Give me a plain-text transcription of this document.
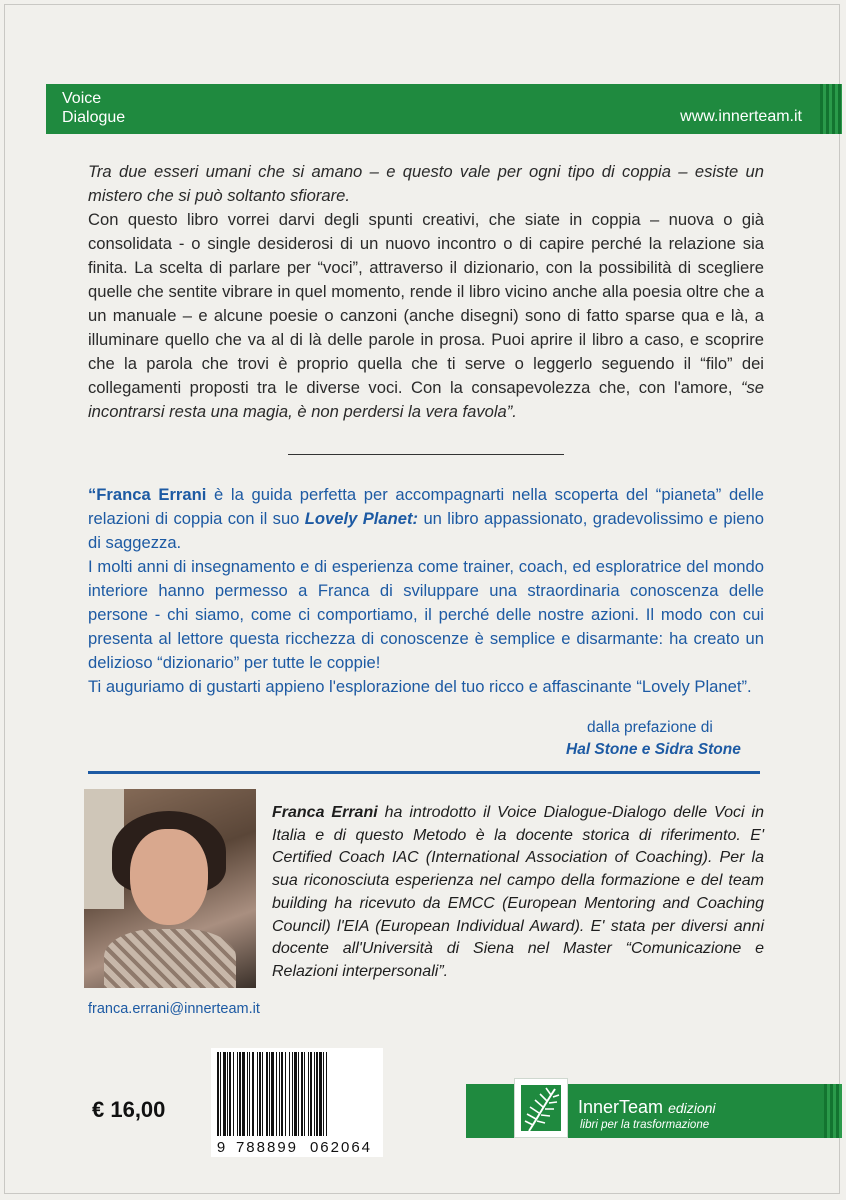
Voice
Dialogue	www.innerteam.it

Tra due esseri umani che si amano – e questo vale per ogni tipo di coppia – esiste un mistero che si può soltanto sfiorare.

Con questo libro vorrei darvi degli spunti creativi, che siate in coppia – nuova o già consolidata - o single desiderosi di un nuovo incontro o di capire perché la relazione sia finita. La scelta di parlare per “voci”, attraverso il dizionario, con la possibilità di scegliere quelle che sentite vibrare in quel momento, rende il libro vicino anche alla poesia oltre che a un manuale – e alcune poesie o canzoni (anche disegni) sono di fatto sparse qua e là, a illuminare quello che va al di là delle parole in prosa. Puoi aprire il libro a caso, e scoprire che la parola che trovi è proprio quella che ti serve o leggerlo seguendo il “filo” dei collegamenti proposti tra le diverse voci. Con la consapevolezza che, con l'amore, “se incontrarsi resta una magia, è non perdersi la vera favola”.

“Franca Errani è la guida perfetta per accompagnarti nella scoperta del “pianeta” delle relazioni di coppia con il suo Lovely Planet: un libro appassionato, gradevolissimo e pieno di saggezza.

I molti anni di insegnamento e di esperienza come trainer, coach, ed esploratrice del mondo interiore hanno permesso a Franca di sviluppare una straordinaria conoscenza delle persone - chi siamo, come ci comportiamo, il perché delle nostre azioni. Il modo con cui presenta al lettore questa ricchezza di conoscenze è semplice e disarmante: ha creato un delizioso “dizionario” per tutte le coppie!

Ti auguriamo di gustarti appieno l'esplorazione del tuo ricco e affascinante “Lovely Planet”.

dalla prefazione di
Hal Stone e Sidra Stone
Franca Errani ha introdotto il Voice Dialogue-Dialogo delle Voci in Italia e di questo Metodo è la docente storica di riferimento. E' Certified Coach IAC (International Association of Coaching). Per la sua riconosciuta esperienza nel campo della formazione e del team building ha ricevuto da EMCC (European Mentoring and Coaching Council) l'EIA (European Individual Award). E' stata per diversi anni docente all'Università di Siena nel Master “Comunicazione e Relazioni interpersonali”.
franca.errani@innerteam.it
€ 16,00
9 788899 062064
InnerTeam edizioni
libri per la trasformazione
